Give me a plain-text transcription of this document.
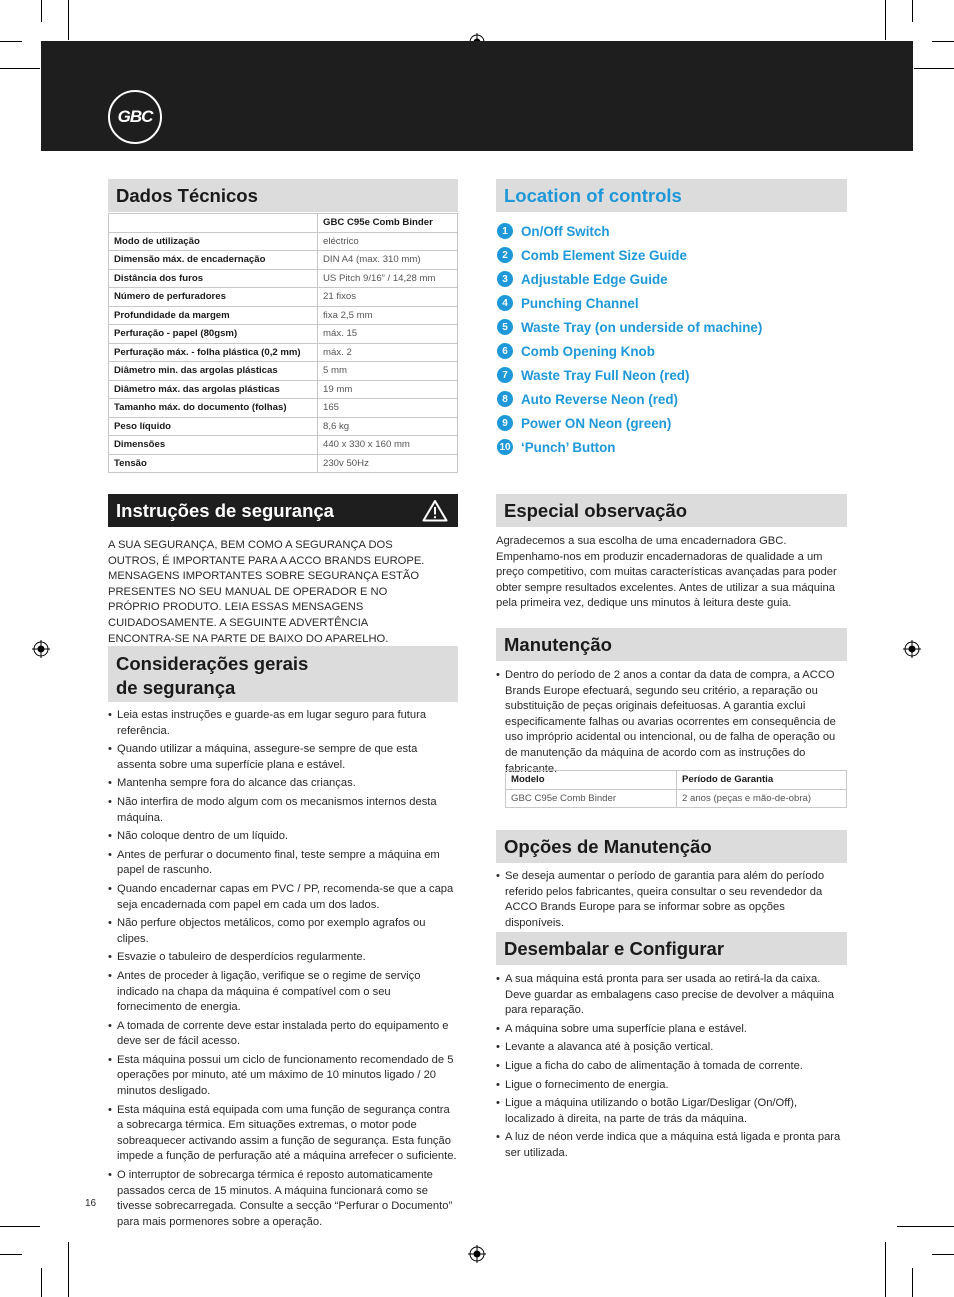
GBC
Dados Técnicos
	GBC C95e Comb Binder
Modo de utilização	eléctrico
Dimensão máx. de encadernação	DIN A4 (max. 310 mm)
Distância dos furos	US Pitch 9/16” / 14,28 mm
Número de perfuradores	21 fixos
Profundidade da margem	fixa 2,5 mm
Perfuração - papel (80gsm)	máx. 15
Perfuração máx. - folha plástica (0,2 mm)	máx. 2
Diâmetro min. das argolas plásticas	5 mm
Diâmetro máx. das argolas plásticas	19 mm
Tamanho máx. do documento (folhas)	165
Peso líquido	8,6 kg
Dimensões	440 x 330 x 160 mm
Tensão	230v 50Hz
Location of controls
1 On/Off Switch
2 Comb Element Size Guide
3 Adjustable Edge Guide
4 Punching Channel
5 Waste Tray (on underside of machine)
6 Comb Opening Knob
7 Waste Tray Full Neon (red)
8 Auto Reverse Neon (red)
9 Power ON Neon (green)
10 ‘Punch’ Button
Instruções de segurança
A SUA SEGURANÇA, BEM COMO A SEGURANÇA DOS OUTROS, É IMPORTANTE PARA A ACCO BRANDS EUROPE. MENSAGENS IMPORTANTES SOBRE SEGURANÇA ESTÃO PRESENTES NO SEU MANUAL DE OPERADOR E NO PRÓPRIO PRODUTO. LEIA ESSAS MENSAGENS CUIDADOSAMENTE. A SEGUINTE ADVERTÊNCIA ENCONTRA-SE NA PARTE DE BAIXO DO APARELHO.
Considerações gerais
de segurança
• Leia estas instruções e guarde-as em lugar seguro para futura referência.
• Quando utilizar a máquina, assegure-se sempre de que esta assenta sobre uma superfície plana e estável.
• Mantenha sempre fora do alcance das crianças.
• Não interfira de modo algum com os mecanismos internos desta máquina.
• Não coloque dentro de um líquido.
• Antes de perfurar o documento final, teste sempre a máquina em papel de rascunho.
• Quando encadernar capas em PVC / PP, recomenda-se que a capa seja encadernada com papel em cada um dos lados.
• Não perfure objectos metálicos, como por exemplo agrafos ou clipes.
• Esvazie o tabuleiro de desperdícios regularmente.
• Antes de proceder à ligação, verifique se o regime de serviço indicado na chapa da máquina é compatível com o seu fornecimento de energia.
• A tomada de corrente deve estar instalada perto do equipamento e deve ser de fácil acesso.
• Esta máquina possui um ciclo de funcionamento recomendado de 5 operações por minuto, até um máximo de 10 minutos ligado / 20 minutos desligado.
• Esta máquina está equipada com uma função de segurança contra a sobrecarga térmica. Em situações extremas, o motor pode sobreaquecer activando assim a função de segurança. Esta função impede a função de perfuração até a máquina arrefecer o suficiente.
• O interruptor de sobrecarga térmica é reposto automaticamente passados cerca de 15 minutos. A máquina funcionará como se tivesse sobrecarregada. Consulte a secção “Perfurar o Documento” para mais pormenores sobre a operação.
Especial observação
Agradecemos a sua escolha de uma encadernadora GBC. Empenhamo-nos em produzir encadernadoras de qualidade a um preço competitivo, com muitas características avançadas para poder obter sempre resultados excelentes. Antes de utilizar a sua máquina pela primeira vez, dedique uns minutos à leitura deste guia.
Manutenção
• Dentro do período de 2 anos a contar da data de compra, a ACCO Brands Europe efectuará, segundo seu critério, a reparação ou substituição de peças originais defeituosas. A garantia exclui especificamente falhas ou avarias ocorrentes em consequência de uso impróprio acidental ou intencional, ou de falha de operação ou de manutenção da máquina de acordo com as instruções do fabricante.
Modelo	Período de Garantia
GBC C95e Comb Binder	2 anos (peças e mão-de-obra)
Opções de Manutenção
• Se deseja aumentar o período de garantia para além do período referido pelos fabricantes, queira consultar o seu revendedor da ACCO Brands Europe para se informar sobre as opções disponíveis.
Desembalar e Configurar
• A sua máquina está pronta para ser usada ao retirá-la da caixa. Deve guardar as embalagens caso precise de devolver a máquina para reparação.
• A máquina sobre uma superfície plana e estável.
• Levante a alavanca até à posição vertical.
• Ligue a ficha do cabo de alimentação à tomada de corrente.
• Ligue o fornecimento de energia.
• Ligue a máquina utilizando o botão Ligar/Desligar (On/Off), localizado à direita, na parte de trás da máquina.
• A luz de néon verde indica que a máquina está ligada e pronta para ser utilizada.
16
